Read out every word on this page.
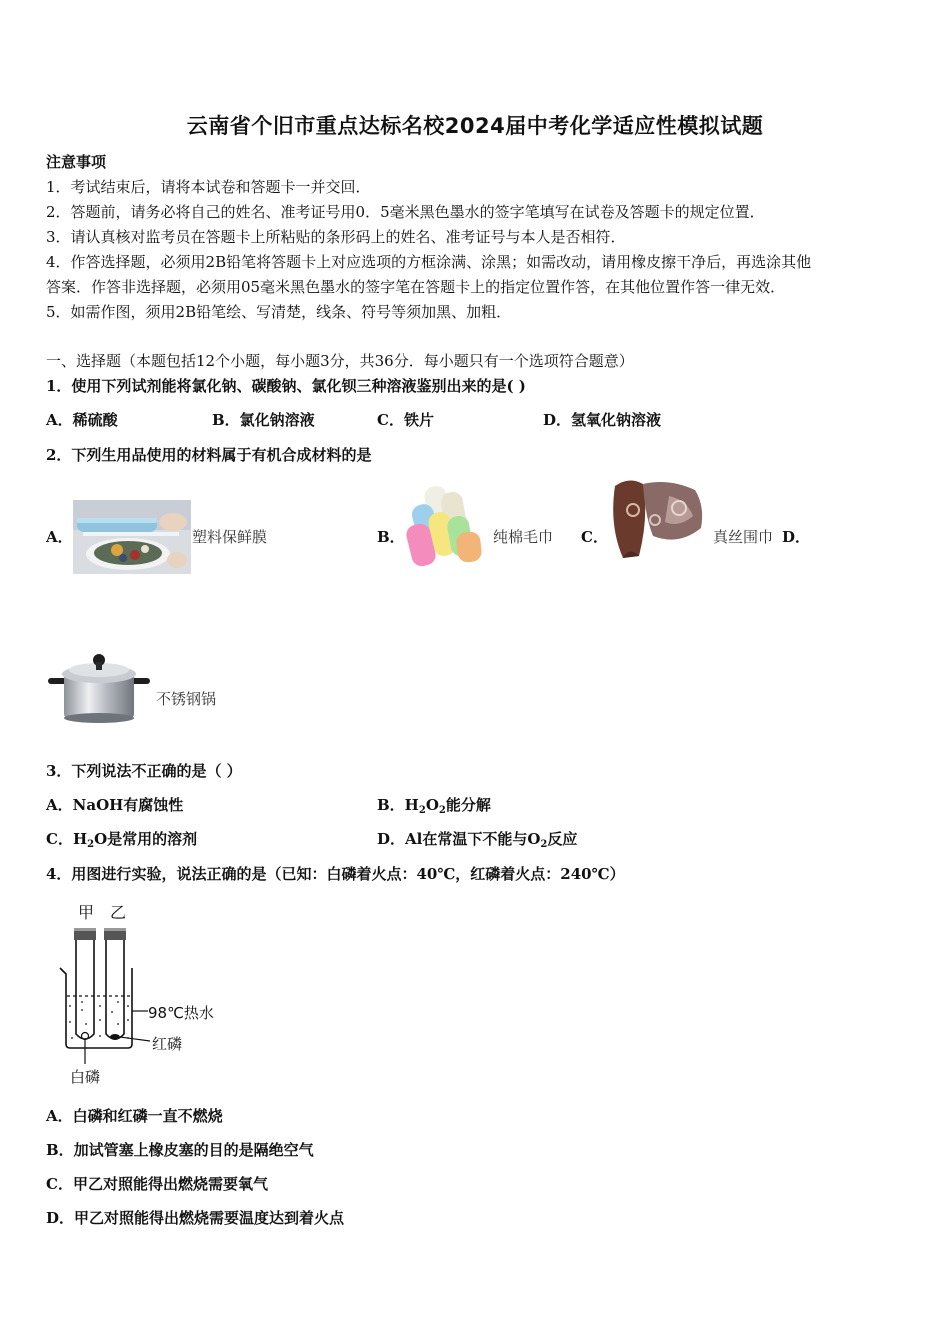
云南省个旧市重点达标名校2024届中考化学适应性模拟试题
注意事项
1．考试结束后，请将本试卷和答题卡一并交回．
2．答题前，请务必将自己的姓名、准考证号用0．5毫米黑色墨水的签字笔填写在试卷及答题卡的规定位置．
3．请认真核对监考员在答题卡上所粘贴的条形码上的姓名、准考证号与本人是否相符．
4．作答选择题，必须用2B铅笔将答题卡上对应选项的方框涂满、涂黑；如需改动，请用橡皮擦干净后，再选涂其他
答案．作答非选择题，必须用05毫米黑色墨水的签字笔在答题卡上的指定位置作答，在其他位置作答一律无效．
5．如需作图，须用2B铅笔绘、写清楚，线条、符号等须加黑、加粗．
一、选择题（本题包括12个小题，每小题3分，共36分．每小题只有一个选项符合题意）
1．使用下列试剂能将氯化钠、碳酸钠、氯化钡三种溶液鉴别出来的是( )
A．稀硫酸	B．氯化钠溶液	C．铁片	D．氢氧化钠溶液
2．下列生用品使用的材料属于有机合成材料的是
A．	塑料保鲜膜	B．	纯棉毛巾 C．	真丝围巾 D．
不锈钢锅
3．下列说法不正确的是（ ）
A．NaOH有腐蚀性	B．$H_2O_2$能分解
C．$H_2O$是常用的溶剂	D．Al在常温下不能与$O_2$反应
4．用图进行实验，说法正确的是（已知：白磷着火点：40℃，红磷着火点：240℃）
甲 乙
98℃热水
红磷
白磷
A．白磷和红磷一直不燃烧
B．加试管塞上橡皮塞的目的是隔绝空气
C．甲乙对照能得出燃烧需要氧气
D．甲乙对照能得出燃烧需要温度达到着火点
